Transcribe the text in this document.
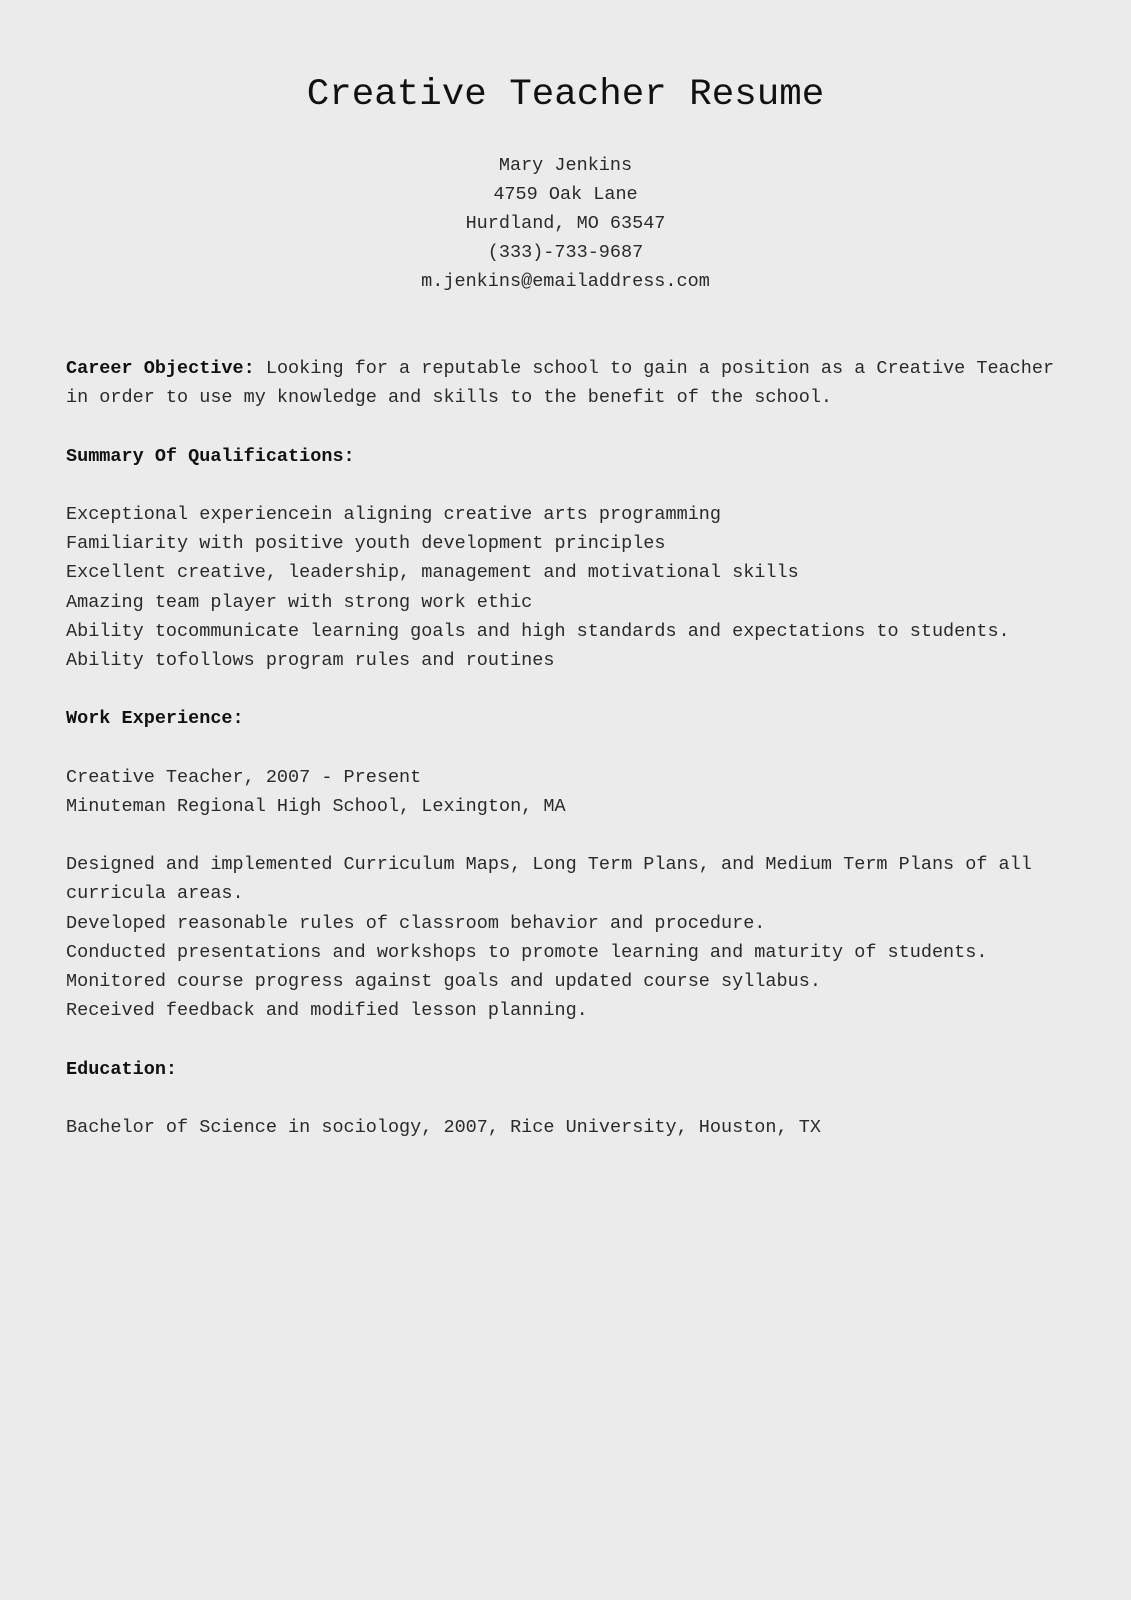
Creative Teacher Resume
Mary Jenkins
4759 Oak Lane
Hurdland, MO 63547
(333)-733-9687
m.jenkins@emailaddress.com
Career Objective: Looking for a reputable school to gain a position as a Creative Teacher
in order to use my knowledge and skills to the benefit of the school.
Summary Of Qualifications:
Exceptional experiencein aligning creative arts programming
Familiarity with positive youth development principles
Excellent creative, leadership, management and motivational skills
Amazing team player with strong work ethic
Ability tocommunicate learning goals and high standards and expectations to students.
Ability tofollows program rules and routines
Work Experience:
Creative Teacher, 2007 - Present
Minuteman Regional High School, Lexington, MA
Designed and implemented Curriculum Maps, Long Term Plans, and Medium Term Plans of all
curricula areas.
Developed reasonable rules of classroom behavior and procedure.
Conducted presentations and workshops to promote learning and maturity of students.
Monitored course progress against goals and updated course syllabus.
Received feedback and modified lesson planning.
Education:
Bachelor of Science in sociology, 2007, Rice University, Houston, TX
